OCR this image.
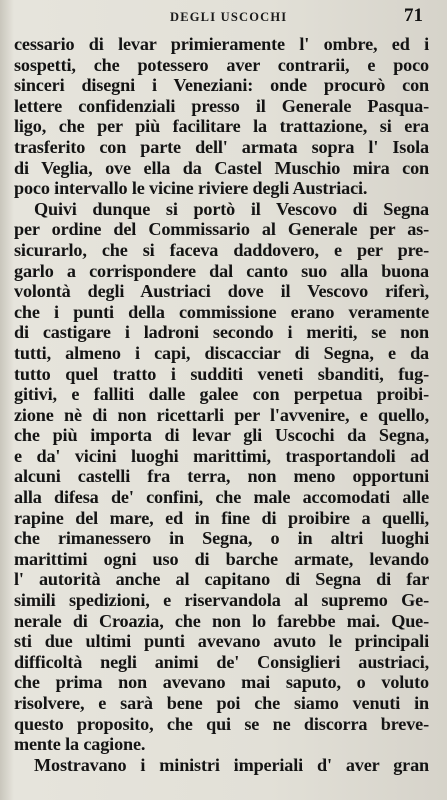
DEGLI USCOCHI	71
cessario di levar primieramente l' ombre, ed i
sospetti, che potessero aver contrarii, e poco
sinceri disegni i Veneziani: onde procurò con
lettere confidenziali presso il Generale Pasqua-
ligo, che per più facilitare la trattazione, si era
trasferito con parte dell' armata sopra l' Isola
di Veglia, ove ella da Castel Muschio mira con
poco intervallo le vicine riviere degli Austriaci.
Quivi dunque si portò il Vescovo di Segna
per ordine del Commissario al Generale per as-
sicurarlo, che si faceva daddovero, e per pre-
garlo a corrispondere dal canto suo alla buona
volontà degli Austriaci dove il Vescovo riferì,
che i punti della commissione erano veramente
di castigare i ladroni secondo i meriti, se non
tutti, almeno i capi, discacciar di Segna, e da
tutto quel tratto i sudditi veneti sbanditi, fug-
gitivi, e falliti dalle galee con perpetua proibi-
zione nè di non ricettarli per l'avvenire, e quello,
che più importa di levar gli Uscochi da Segna,
e da' vicini luoghi marittimi, trasportandoli ad
alcuni castelli fra terra, non meno opportuni
alla difesa de' confini, che male accomodati alle
rapine del mare, ed in fine di proibire a quelli,
che rimanessero in Segna, o in altri luoghi
marittimi ogni uso di barche armate, levando
l' autorità anche al capitano di Segna di far
simili spedizioni, e riservandola al supremo Ge-
nerale di Croazia, che non lo farebbe mai. Que-
sti due ultimi punti avevano avuto le principali
difficoltà negli animi de' Consiglieri austriaci,
che prima non avevano mai saputo, o voluto
risolvere, e sarà bene poi che siamo venuti in
questo proposito, che qui se ne discorra breve-
mente la cagione.
Mostravano i ministri imperiali d' aver gran
